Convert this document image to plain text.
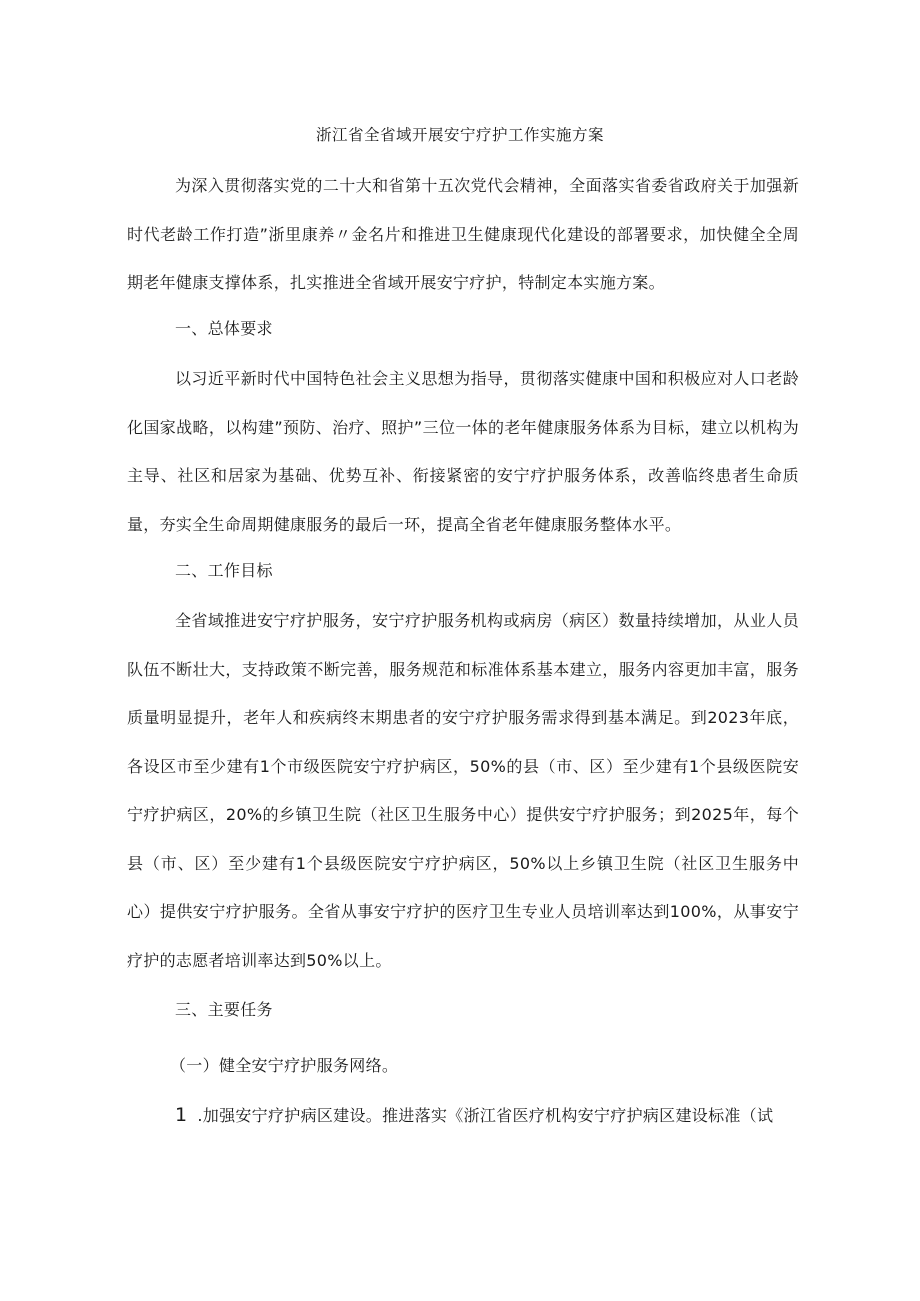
浙江省全省域开展安宁疗护工作实施方案
为深入贯彻落实党的二十大和省第十五次党代会精神，全面落实省委省政府关于加强新时代老龄工作打造”浙里康养〃金名片和推进卫生健康现代化建设的部署要求，加快健全全周期老年健康支撑体系，扎实推进全省域开展安宁疗护，特制定本实施方案。
一、总体要求
以习近平新时代中国特色社会主义思想为指导，贯彻落实健康中国和积极应对人口老龄化国家战略，以构建”预防、治疗、照护”三位一体的老年健康服务体系为目标，建立以机构为主导、社区和居家为基础、优势互补、衔接紧密的安宁疗护服务体系，改善临终患者生命质量，夯实全生命周期健康服务的最后一环，提高全省老年健康服务整体水平。
二、工作目标
全省域推进安宁疗护服务，安宁疗护服务机构或病房（病区）数量持续增加，从业人员队伍不断壮大，支持政策不断完善，服务规范和标准体系基本建立，服务内容更加丰富，服务质量明显提升，老年人和疾病终末期患者的安宁疗护服务需求得到基本满足。到2023年底， 各设区市至少建有1个市级医院安宁疗护病区，50%的县（市、区）至少建有1个县级医院安宁疗护病区，20%的乡镇卫生院（社区卫生服务中心）提供安宁疗护服务；到2025年，每个县（市、区）至少建有1个县级医院安宁疗护病区，50%以上乡镇卫生院（社区卫生服务中心）提供安宁疗护服务。全省从事安宁疗护的医疗卫生专业人员培训率达到100%，从事安宁疗护的志愿者培训率达到50%以上。
三、主要任务
（一）健全安宁疗护服务网络。
1 .加强安宁疗护病区建设。推进落实《浙江省医疗机构安宁疗护病区建设标准（试
